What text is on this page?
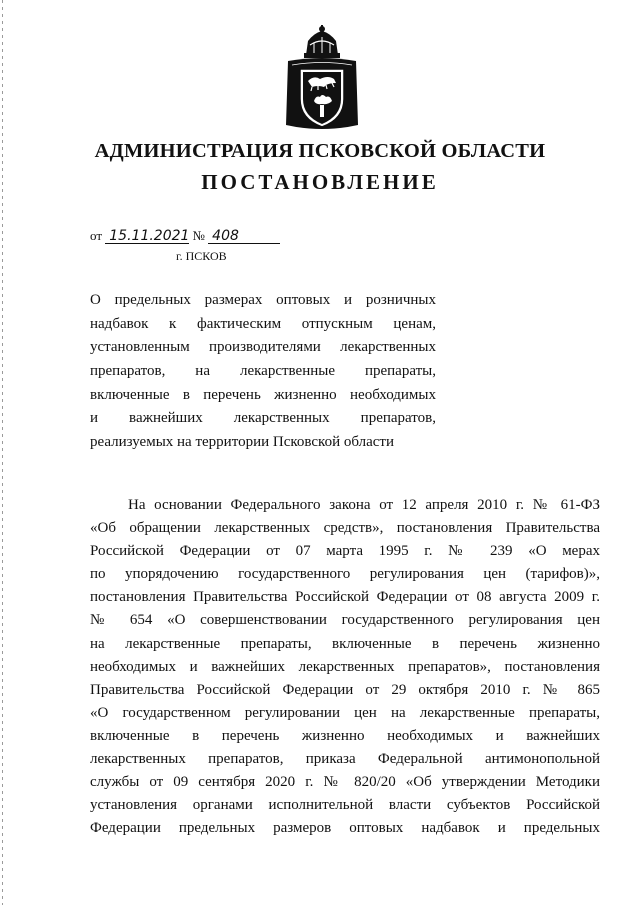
АДМИНИСТРАЦИЯ ПСКОВСКОЙ ОБЛАСТИ
ПОСТАНОВЛЕНИЕ
от 15.11.2021 № 408
г. ПСКОВ
О предельных размерах оптовых и розничных
надбавок к фактическим отпускным ценам,
установленным производителями лекарственных
препаратов, на лекарственные препараты,
включенные в перечень жизненно необходимых
и важнейших лекарственных препаратов,
реализуемых на территории Псковской области
На основании Федерального закона от 12 апреля 2010 г. № 61-ФЗ
«Об обращении лекарственных средств», постановления Правительства
Российской Федерации от 07 марта 1995 г. № 239 «О мерах
по упорядочению государственного регулирования цен (тарифов)»,
постановления Правительства Российской Федерации от 08 августа 2009 г.
№ 654 «О совершенствовании государственного регулирования цен
на лекарственные препараты, включенные в перечень жизненно
необходимых и важнейших лекарственных препаратов», постановления
Правительства Российской Федерации от 29 октября 2010 г. № 865
«О государственном регулировании цен на лекарственные препараты,
включенные в перечень жизненно необходимых и важнейших
лекарственных препаратов, приказа Федеральной антимонопольной
службы от 09 сентября 2020 г. № 820/20 «Об утверждении Методики
установления органами исполнительной власти субъектов Российской
Федерации предельных размеров оптовых надбавок и предельных
